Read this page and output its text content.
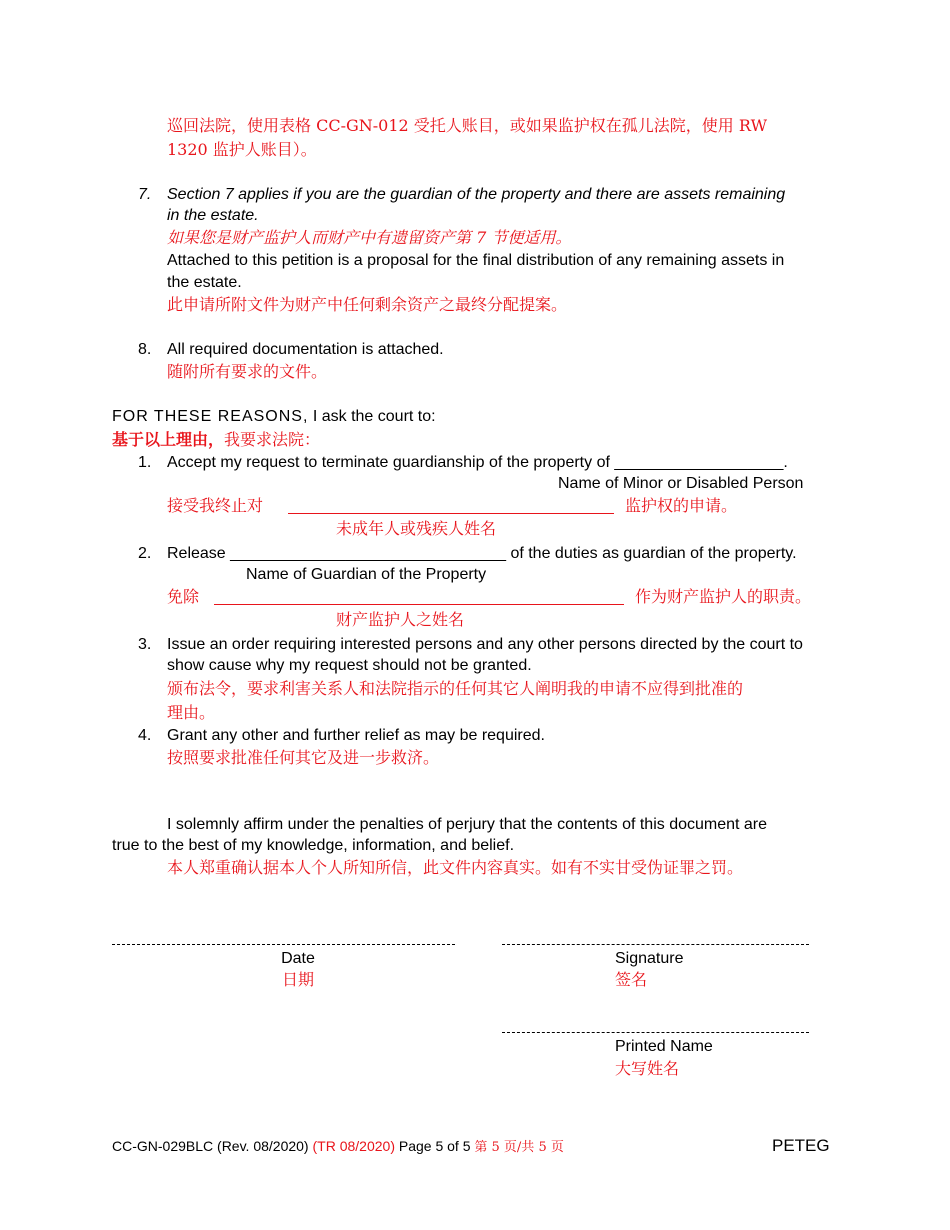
巡回法院，使用表格 CC-GN-012 受托人账目，或如果监护权在孤儿法院，使用 RW
1320 监护人账目）。
7. Section 7 applies if you are the guardian of the property and there are assets remaining
in the estate.
如果您是财产监护人而财产中有遗留资产第 7 节便适用。
Attached to this petition is a proposal for the final distribution of any remaining assets in
the estate.
此申请所附文件为财产中任何剩余资产之最终分配提案。
8. All required documentation is attached.
随附所有要求的文件。
FOR THESE REASONS, I ask the court to:
基于以上理由，我要求法院：
1. Accept my request to terminate guardianship of the property of ___________________.
Name of Minor or Disabled Person
接受我终止对	监护权的申请。
未成年人或残疾人姓名
2. Release _______________________________ of the duties as guardian of the property.
Name of Guardian of the Property
免除	作为财产监护人的职责。
财产监护人之姓名
3. Issue an order requiring interested persons and any other persons directed by the court to
show cause why my request should not be granted.
颁布法令，要求利害关系人和法院指示的任何其它人阐明我的申请不应得到批准的
理由。
4. Grant any other and further relief as may be required.
按照要求批准任何其它及进一步救济。
I solemnly affirm under the penalties of perjury that the contents of this document are
true to the best of my knowledge, information, and belief.
本人郑重确认据本人个人所知所信，此文件内容真实。如有不实甘受伪证罪之罚。
Date
日期
Signature
签名
Printed Name
大写姓名
CC-GN-029BLC (Rev. 08/2020) (TR 08/2020) Page 5 of 5 第 5 页/共 5 页	PETEG
